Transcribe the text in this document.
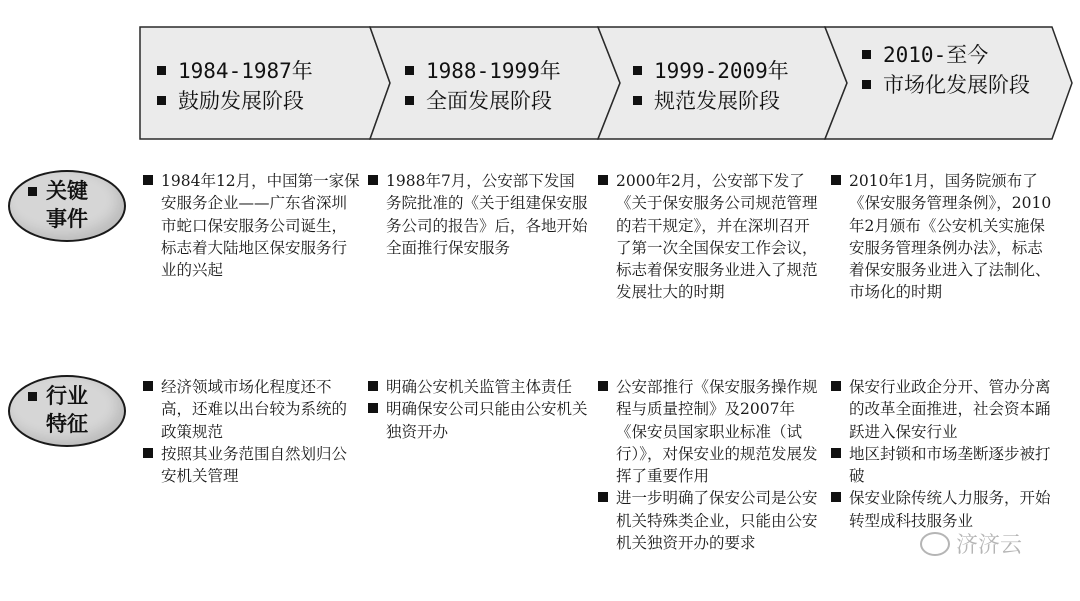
1984-1987年
鼓励发展阶段
1988-1999年
全面发展阶段
1999-2009年
规范发展阶段
2010-至今
市场化发展阶段
关键
事件
行业
特征
1984年12月，中国第一家保安服务企业——广东省深圳市蛇口保安服务公司诞生，标志着大陆地区保安服务行业的兴起
1988年7月，公安部下发国务院批准的《关于组建保安服务公司的报告》后，各地开始全面推行保安服务
2000年2月，公安部下发了《关于保安服务公司规范管理的若干规定》，并在深圳召开了第一次全国保安工作会议，标志着保安服务业进入了规范发展壮大的时期
2010年1月，国务院颁布了《保安服务管理条例》，2010年2月颁布《公安机关实施保安服务管理条例办法》，标志着保安服务业进入了法制化、市场化的时期
经济领域市场化程度还不高，还难以出台较为系统的政策规范
按照其业务范围自然划归公安机关管理
明确公安机关监管主体责任
明确保安公司只能由公安机关独资开办
公安部推行《保安服务操作规程与质量控制》及2007年《保安员国家职业标准（试行）》，对保安业的规范发展发挥了重要作用
进一步明确了保安公司是公安机关特殊类企业，只能由公安机关独资开办的要求
保安行业政企分开、管办分离的改革全面推进，社会资本踊跃进入保安行业
地区封锁和市场垄断逐步被打破
保安业除传统人力服务，开始转型成科技服务业
济济云
